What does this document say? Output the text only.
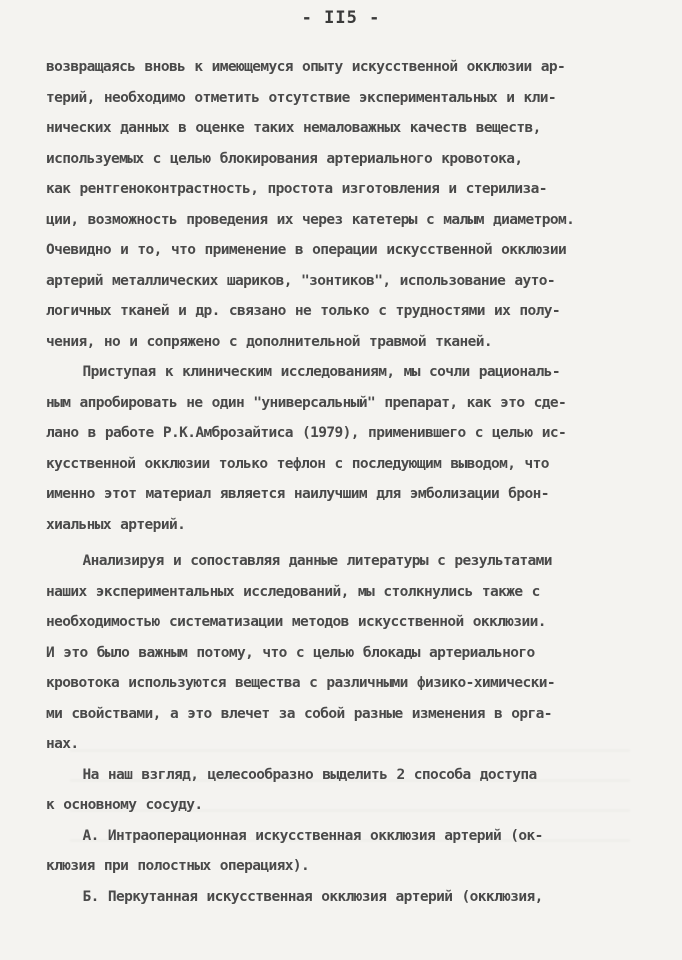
- II5 -
возвращаясь вновь к имеющемуся опыту искусственной окклюзии ар-
терий, необходимо отметить отсутствие экспериментальных и кли-
нических данных в оценке таких немаловажных качеств веществ,
используемых с целью блокирования артериального кровотока,
как рентгеноконтрастность, простота изготовления и стерилиза-
ции, возможность проведения их через катетеры с малым диаметром.
Очевидно и то, что применение в операции искусственной окклюзии
артерий металлических шариков, "зонтиков", использование ауто-
логичных тканей и др. связано не только с трудностями их полу-
чения, но и сопряжено с дополнительной травмой тканей.
Приступая к клиническим исследованиям, мы сочли рациональ-
ным апробировать не один "универсальный" препарат, как это сде-
лано в работе Р.К.Амброзайтиса (1979), применившего с целью ис-
кусственной окклюзии только тефлон с последующим выводом, что
именно этот материал является наилучшим для эмболизации брон-
хиальных артерий.
Анализируя и сопоставляя данные литературы с результатами
наших экспериментальных исследований, мы столкнулись также с
необходимостью систематизации методов искусственной окклюзии.
И это было важным потому, что с целью блокады артериального
кровотока используются вещества с различными физико-химически-
ми свойствами, а это влечет за собой разные изменения в орга-
нах.
На наш взгляд, целесообразно выделить 2 способа доступа
к основному сосуду.
А. Интраоперационная искусственная окклюзия артерий (ок-
клюзия при полостных операциях).
Б. Перкутанная искусственная окклюзия артерий (окклюзия,
